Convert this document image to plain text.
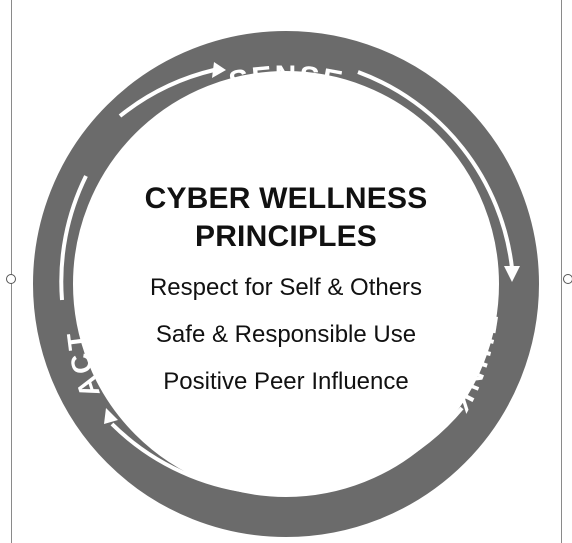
SENSE
THINK
ACT
CYBER WELLNESS
PRINCIPLES
Respect for Self & Others
Safe & Responsible Use
Positive Peer Influence
